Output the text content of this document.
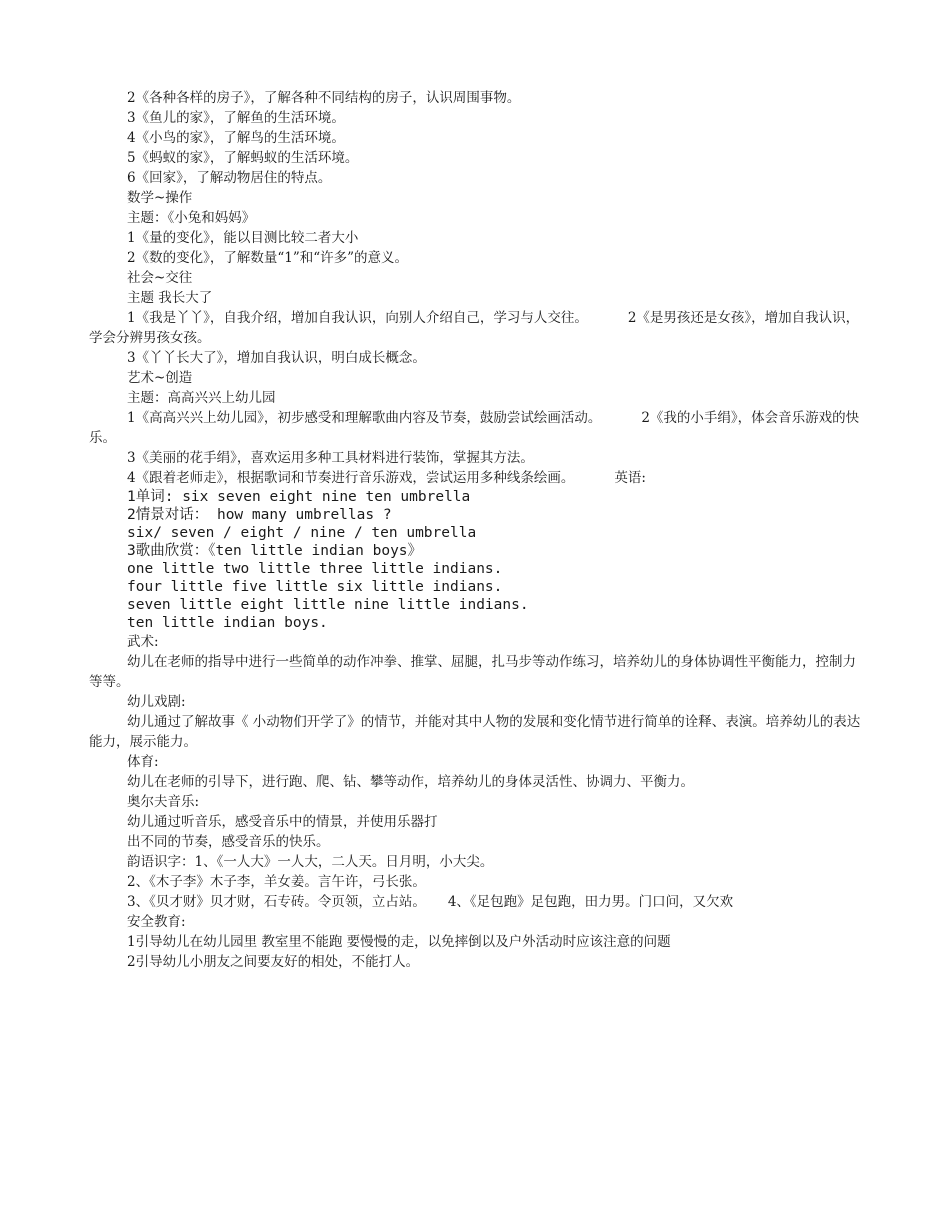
2《各种各样的房子》，了解各种不同结构的房子，认识周围事物。

3《鱼儿的家》，了解鱼的生活环境。

4《小鸟的家》，了解鸟的生活环境。

5《蚂蚁的家》，了解蚂蚁的生活环境。

6《回家》，了解动物居住的特点。

数学~操作

主题：《小兔和妈妈》

1《量的变化》，能以目测比较二者大小

2《数的变化》，了解数量“1”和“许多”的意义。

社会~交往

主题 我长大了

1《我是丫丫》，自我介绍，增加自我认识，向别人介绍自己，学习与人交往。	2《是男孩还是女孩》，增加自我认识，学会分辨男孩女孩。

3《丫丫长大了》，增加自我认识，明白成长概念。

艺术~创造

主题：高高兴兴上幼儿园

1《高高兴兴上幼儿园》，初步感受和理解歌曲内容及节奏，鼓励尝试绘画活动。	2《我的小手绢》，体会音乐游戏的快乐。

3《美丽的花手绢》，喜欢运用多种工具材料进行装饰，掌握其方法。

4《跟着老师走》，根据歌词和节奏进行音乐游戏，尝试运用多种线条绘画。	英语:

1单词: six seven eight nine ten umbrella

2情景对话： how many umbrellas ?

six/ seven / eight / nine / ten umbrella

3歌曲欣赏：《ten little indian boys》

one little two little three little indians.

four little five little six little indians.

seven little eight little nine little indians.

ten little indian boys.

武术:

幼儿在老师的指导中进行一些简单的动作冲拳、推掌、屈腿，扎马步等动作练习，培养幼儿的身体协调性平衡能力，控制力等等。

幼儿戏剧:

幼儿通过了解故事《 小动物们开学了》的情节，并能对其中人物的发展和变化情节进行简单的诠释、表演。培养幼儿的表达能力，展示能力。

体育:

幼儿在老师的引导下，进行跑、爬、钻、攀等动作，培养幼儿的身体灵活性、协调力、平衡力。

奥尔夫音乐:

幼儿通过听音乐，感受音乐中的情景，并使用乐器打

出不同的节奏，感受音乐的快乐。

韵语识字：1、《一人大》一人大，二人天。日月明，小大尖。

2、《木子李》木子李，羊女姜。言午许，弓长张。

3、《贝才财》贝才财，石专砖。令页领，立占站。 4、《足包跑》足包跑，田力男。门口问，又欠欢

安全教育:

1引导幼儿在幼儿园里 教室里不能跑 要慢慢的走，以免摔倒以及户外活动时应该注意的问题

2引导幼儿小朋友之间要友好的相处，不能打人。
